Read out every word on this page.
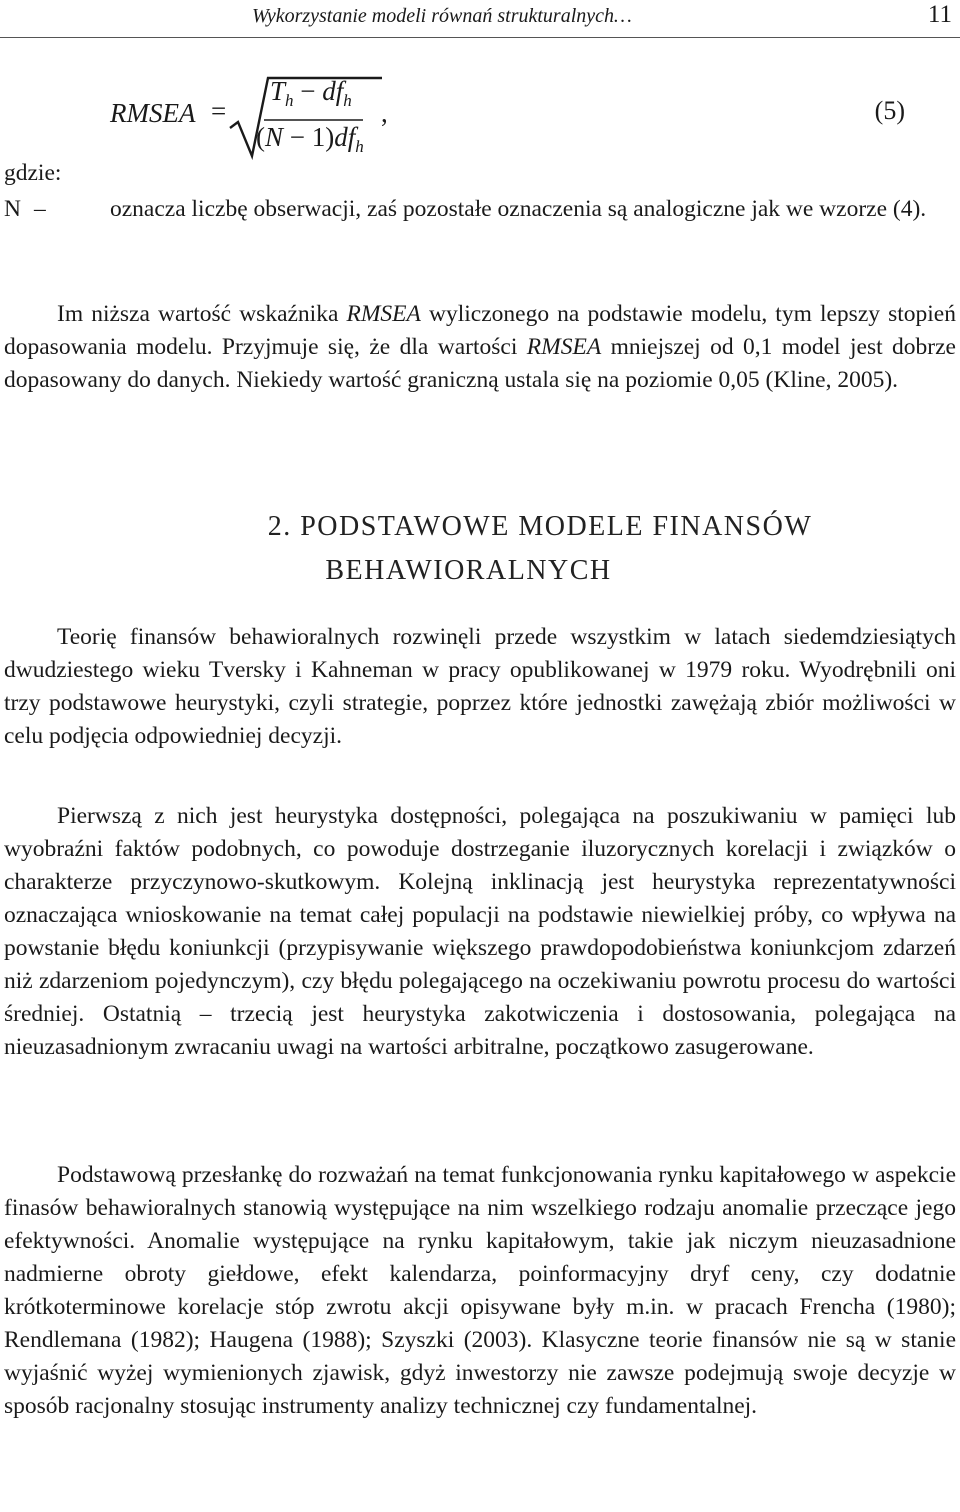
Wykorzystanie modeli równań strukturalnych…	11
RMSEA =
$T_h - df_h$
$(N - 1)df_h$
,	(5)
gdzie:
N –	oznacza liczbę obserwacji, zaś pozostałe oznaczenia są analogiczne jak we wzorze (4).

Im niższa wartość wskaźnika RMSEA wyliczonego na podstawie modelu, tym lepszy stopień dopasowania modelu. Przyjmuje się, że dla wartości RMSEA mniejszej od 0,1 model jest dobrze dopasowany do danych. Niekiedy wartość graniczną ustala się na poziomie 0,05 (Kline, 2005).

2. PODSTAWOWE MODELE FINANSÓW
BEHAWIORALNYCH

Teorię finansów behawioralnych rozwinęli przede wszystkim w latach siedemdziesiątych dwudziestego wieku Tversky i Kahneman w pracy opublikowanej w 1979 roku. Wyodrębnili oni trzy podstawowe heurystyki, czyli strategie, poprzez które jednostki zawężają zbiór możliwości w celu podjęcia odpowiedniej decyzji.

Pierwszą z nich jest heurystyka dostępności, polegająca na poszukiwaniu w pamięci lub wyobraźni faktów podobnych, co powoduje dostrzeganie iluzorycznych korelacji i związków o charakterze przyczynowo-skutkowym. Kolejną inklinacją jest heurystyka reprezentatywności oznaczająca wnioskowanie na temat całej populacji na podstawie niewielkiej próby, co wpływa na powstanie błędu koniunkcji (przypisywanie większego prawdopodobieństwa koniunkcjom zdarzeń niż zdarzeniom pojedynczym), czy błędu polegającego na oczekiwaniu powrotu procesu do wartości średniej. Ostatnią – trzecią jest heurystyka zakotwiczenia i dostosowania, polegająca na nieuzasadnionym zwracaniu uwagi na wartości arbitralne, początkowo zasugerowane.

Podstawową przesłankę do rozważań na temat funkcjonowania rynku kapitałowego w aspekcie finasów behawioralnych stanowią występujące na nim wszelkiego rodzaju anomalie przeczące jego efektywności. Anomalie występujące na rynku kapitałowym, takie jak niczym nieuzasadnione nadmierne obroty giełdowe, efekt kalendarza, poinformacyjny dryf ceny, czy dodatnie krótkoterminowe korelacje stóp zwrotu akcji opisywane były m.in. w pracach Frencha (1980); Rendlemana (1982); Haugena (1988); Szyszki (2003). Klasyczne teorie finansów nie są w stanie wyjaśnić wyżej wymienionych zjawisk, gdyż inwestorzy nie zawsze podejmują swoje decyzje w sposób racjonalny stosując instrumenty analizy technicznej czy fundamentalnej.
